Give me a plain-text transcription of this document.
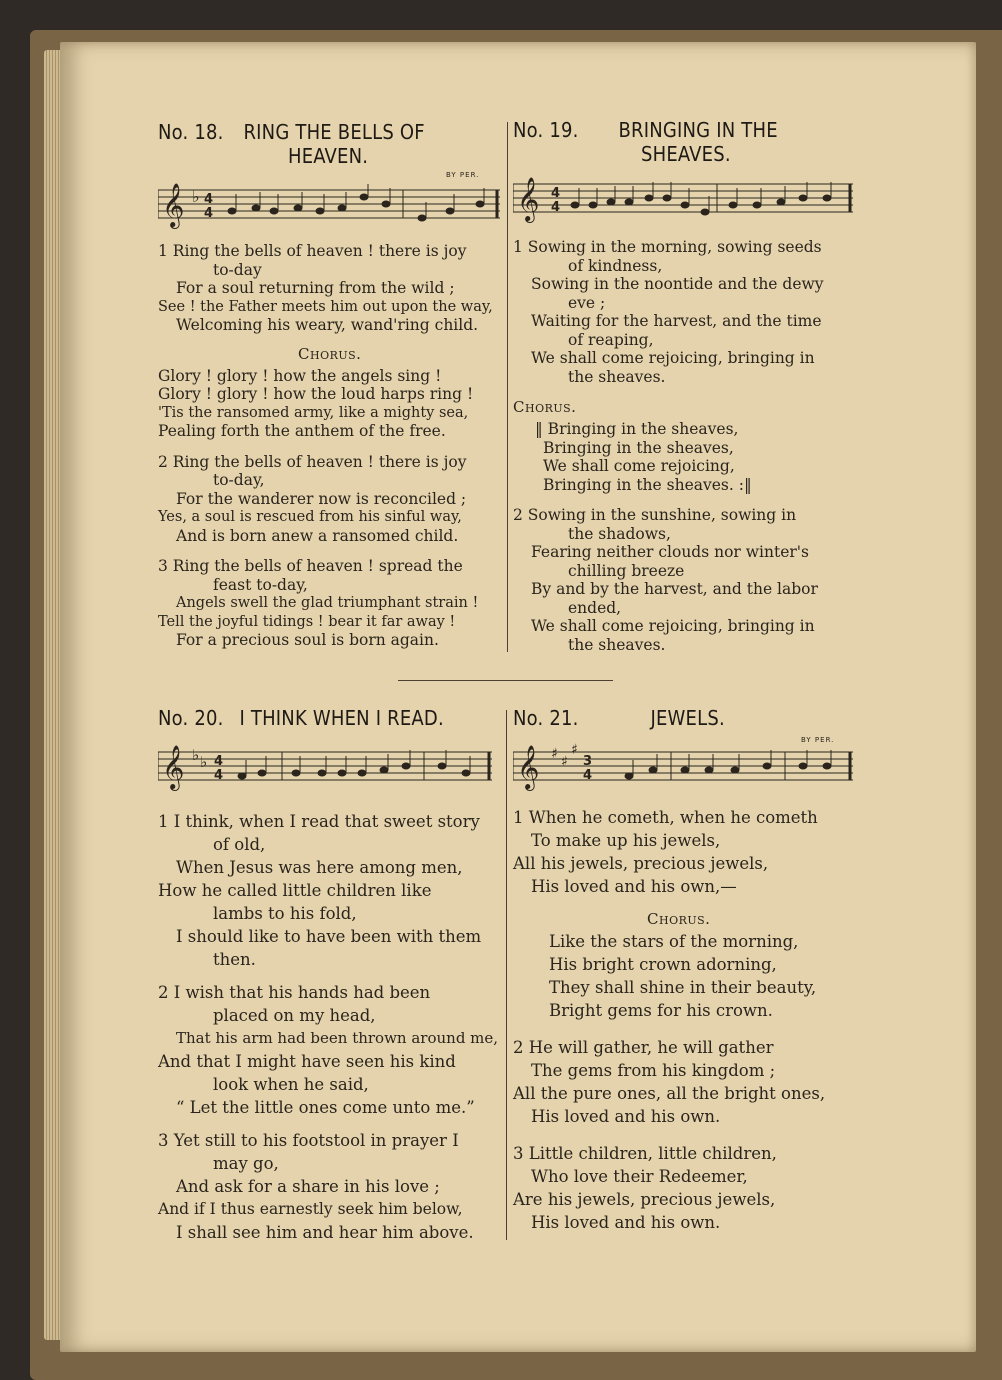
No. 18. RING THE BELLS OF
HEAVEN.
BY PER.
𝄞 ♭ 4
4

1 Ring the bells of heaven ! there is joy
to-day
For a soul returning from the wild ;
See ! the Father meets him out upon the way,
Welcoming his weary, wand'ring child.

Chorus.

Glory ! glory ! how the angels sing !
Glory ! glory ! how the loud harps ring !
'Tis the ransomed army, like a mighty sea,
Pealing forth the anthem of the free.

2 Ring the bells of heaven ! there is joy
to-day,
For the wanderer now is reconciled ;
Yes, a soul is rescued from his sinful way,
And is born anew a ransomed child.

3 Ring the bells of heaven ! spread the
feast to-day,
Angels swell the glad triumphant strain !
Tell the joyful tidings ! bear it far away !
For a precious soul is born again.

No. 19. BRINGING IN THE
SHEAVES.
𝄞 4
4

1 Sowing in the morning, sowing seeds
of kindness,
Sowing in the noontide and the dewy
eve ;
Waiting for the harvest, and the time
of reaping,
We shall come rejoicing, bringing in
the sheaves.

Chorus.

‖ Bringing in the sheaves,
Bringing in the sheaves,
We shall come rejoicing,
Bringing in the sheaves. :‖

2 Sowing in the sunshine, sowing in
the shadows,
Fearing neither clouds nor winter's
chilling breeze
By and by the harvest, and the labor
ended,
We shall come rejoicing, bringing in
the sheaves.

No. 20. I THINK WHEN I READ.
𝄞 ♭ ♭ 4
4

1 I think, when I read that sweet story
of old,
When Jesus was here among men,
How he called little children like
lambs to his fold,
I should like to have been with them
then.

2 I wish that his hands had been
placed on my head,
That his arm had been thrown around me,
And that I might have seen his kind
look when he said,
“ Let the little ones come unto me.”

3 Yet still to his footstool in prayer I
may go,
And ask for a share in his love ;
And if I thus earnestly seek him below,
I shall see him and hear him above.

No. 21.	JEWELS.
BY PER.
𝄞 ♯ ♯
♯
3
4

1 When he cometh, when he cometh
To make up his jewels,
All his jewels, precious jewels,
His loved and his own,—

Chorus.

Like the stars of the morning,
His bright crown adorning,
They shall shine in their beauty,
Bright gems for his crown.

2 He will gather, he will gather
The gems from his kingdom ;
All the pure ones, all the bright ones,
His loved and his own.

3 Little children, little children,
Who love their Redeemer,
Are his jewels, precious jewels,
His loved and his own.
